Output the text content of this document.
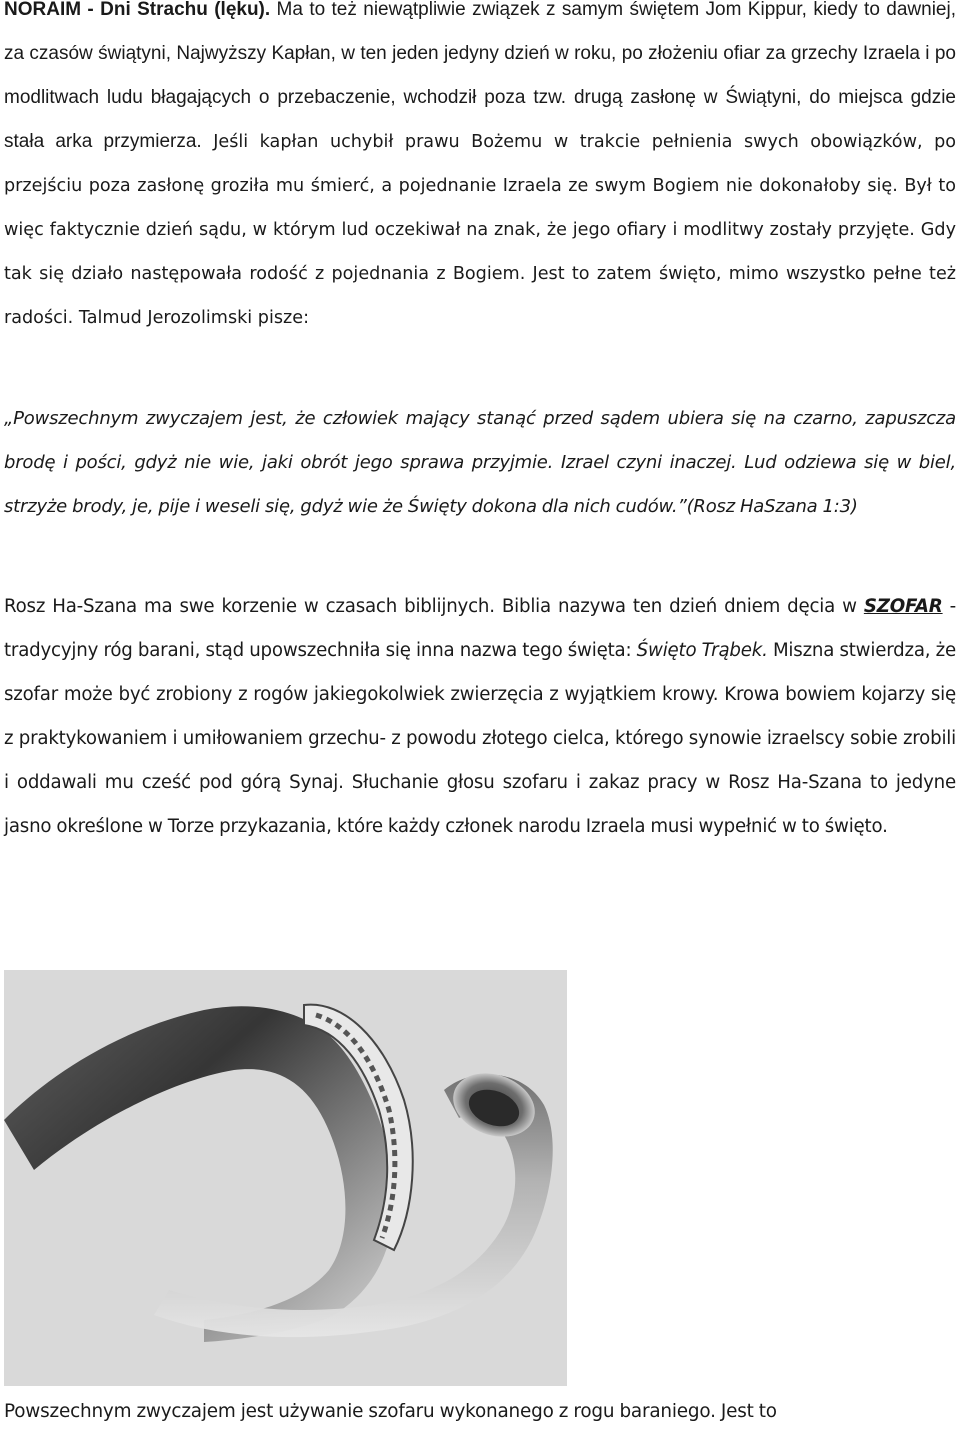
NORAIM - Dni Strachu (lęku). Ma to też niewątpliwie związek z samym świętem Jom Kippur, kiedy to dawniej, za czasów świątyni, Najwyższy Kapłan, w ten jeden jedyny dzień w roku, po złożeniu ofiar za grzechy Izraela i po modlitwach ludu błagających o przebaczenie, wchodził poza tzw. drugą zasłonę w Świątyni, do miejsca gdzie stała arka przymierza. Jeśli kapłan uchybił prawu Bożemu w trakcie pełnienia swych obowiązków, po przejściu poza zasłonę groziła mu śmierć, a pojednanie Izraela ze swym Bogiem nie dokonałoby się. Był to więc faktycznie dzień sądu, w którym lud oczekiwał na znak, że jego ofiary i modlitwy zostały przyjęte. Gdy tak się działo następowała rodość z pojednania z Bogiem. Jest to zatem święto, mimo wszystko pełne też radości. Talmud Jerozolimski pisze:

„Powszechnym zwyczajem jest, że człowiek mający stanąć przed sądem ubiera się na czarno, zapuszcza brodę i pości, gdyż nie wie, jaki obrót jego sprawa przyjmie. Izrael czyni inaczej. Lud odziewa się w biel, strzyże brody, je, pije i weseli się, gdyż wie że Święty dokona dla nich cudów.”(Rosz HaSzana 1:3)

Rosz Ha-Szana ma swe korzenie w czasach biblijnych. Biblia nazywa ten dzień dniem dęcia w SZOFAR - tradycyjny róg barani, stąd upowszechniła się inna nazwa tego święta: Święto Trąbek. Miszna stwierdza, że szofar może być zrobiony z rogów jakiegokolwiek zwierzęcia z wyjątkiem krowy. Krowa bowiem kojarzy się z praktykowaniem i umiłowaniem grzechu- z powodu złotego cielca, którego synowie izraelscy sobie zrobili i oddawali mu cześć pod górą Synaj. Słuchanie głosu szofaru i zakaz pracy w Rosz Ha-Szana to jedyne jasno określone w Torze przykazania, które każdy członek narodu Izraela musi wypełnić w to święto.

Powszechnym zwyczajem jest używanie szofaru wykonanego z rogu baraniego. Jest to
